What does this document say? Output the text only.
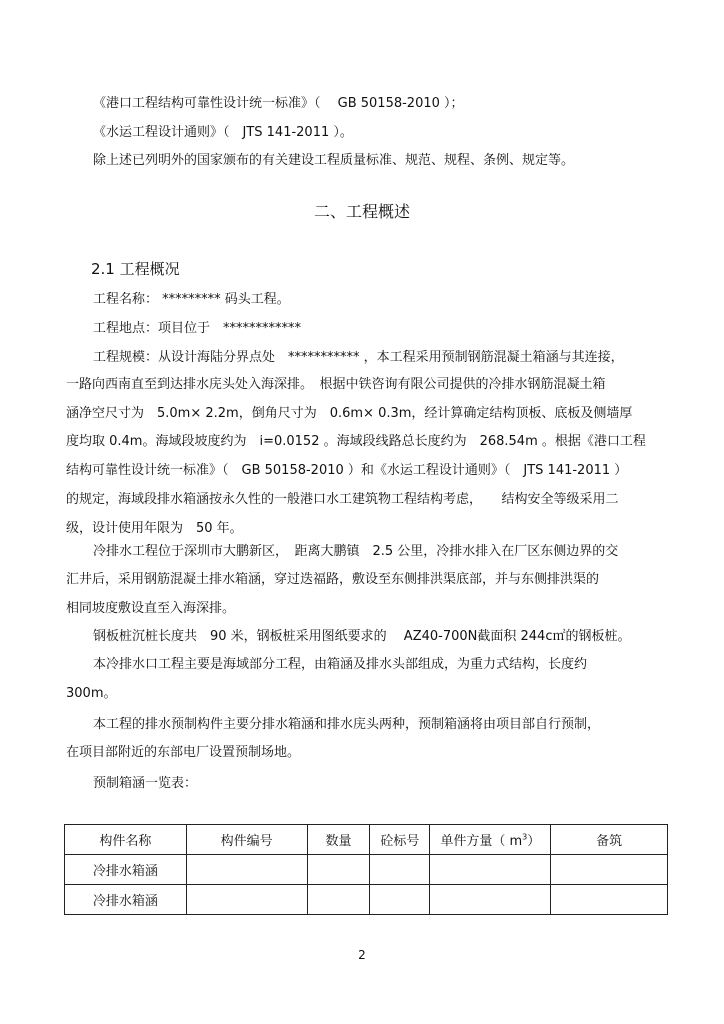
《港口工程结构可靠性设计统一标准》（　 GB 50158-2010 ）；

《水运工程设计通则》（　JTS 141-2011 ）。

除上述已列明外的国家颁布的有关建设工程质量标准、规范、规程、条例、规定等。

二、工程概述
2.1 工程概况

工程名称： ********* 码头工程。

工程地点：项目位于　************

工程规模：从设计海陆分界点处　*********** ，本工程采用预制钢筋混凝土箱涵与其连接，

一路向西南直至到达排水庑头处入海深排。　根据中铁咨询有限公司提供的冷排水钢筋混凝土箱

涵净空尺寸为　5.0m× 2.2m，倒角尺寸为　0.6m× 0.3m，经计算确定结构顶板、底板及侧墙厚

度均取 0.4m。海域段坡度约为　i=0.0152 。海域段线路总长度约为　268.54m 。根据《港口工程

结构可靠性设计统一标准》（　GB 50158-2010 ）和《水运工程设计通则》（　JTS 141-2011 ）

的规定，海域段排水箱涵按永久性的一般港口水工建筑物工程结构考虑，　　结构安全等级采用二

级，设计使用年限为　50 年。

冷排水工程位于深圳市大鹏新区，　距离大鹏镇　2.5 公里，冷排水排入在厂区东侧边界的交

汇井后，采用钢筋混凝土排水箱涵，穿过迭福路，敷设至东侧排洪渠底部，并与东侧排洪渠的

相同坡度敷设直至入海深排。

钢板桩沉桩长度共　90 米，钢板桩采用图纸要求的　 AZ40-700N截面积 244c㎡的钢板桩。

本冷排水口工程主要是海域部分工程，由箱涵及排水头部组成，为重力式结构，长度约

300m。

本工程的排水预制构件主要分排水箱涵和排水庑头两种，预制箱涵将由项目部自行预制，

在项目部附近的东部电厂设置预制场地。

预制箱涵一览表：

构件名称	构件编号	数量	砼标号	单件方量（ $m^3$）	备筑
冷排水箱涵					
冷排水箱涵					
2
